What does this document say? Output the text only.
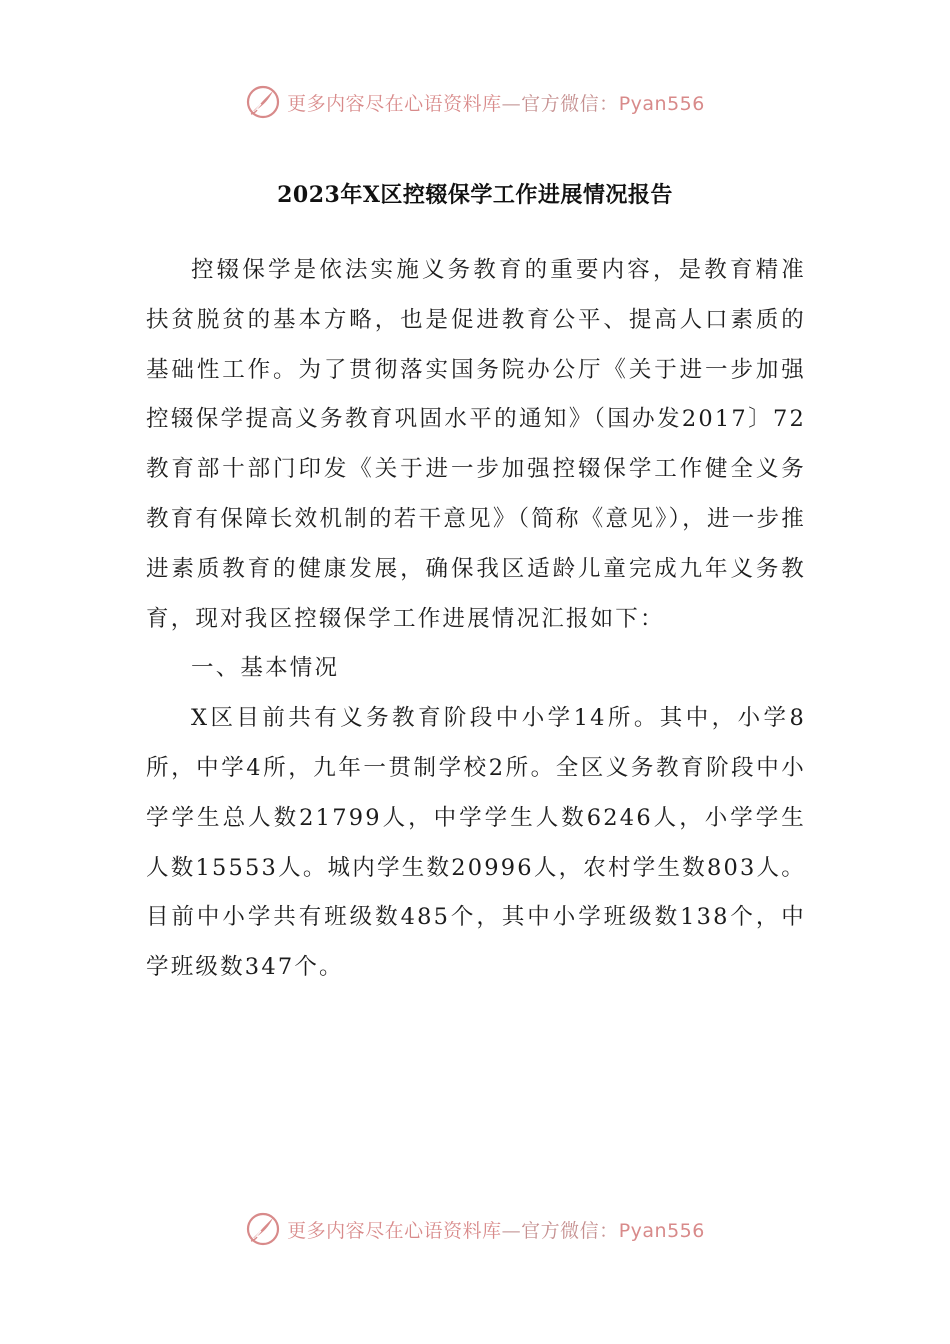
更多内容尽在心语资料库—官方微信：Pyan556
2023年X区控辍保学工作进展情况报告

控辍保学是依法实施义务教育的重要内容，是教育精准扶贫脱贫的基本方略，也是促进教育公平、提高人口素质的基础性工作。为了贯彻落实国务院办公厅《关于进一步加强控辍保学提高义务教育巩固水平的通知》（国办发2017〕72教育部十部门印发《关于进一步加强控辍保学工作健全义务教育有保障长效机制的若干意见》（简称《意见》），进一步推进素质教育的健康发展，确保我区适龄儿童完成九年义务教育，现对我区控辍保学工作进展情况汇报如下：

一、基本情况

X区目前共有义务教育阶段中小学14所。其中，小学8所，中学4所，九年一贯制学校2所。全区义务教育阶段中小学学生总人数21799人，中学学生人数6246人，小学学生人数15553人。城内学生数20996人，农村学生数803人。目前中小学共有班级数485个，其中小学班级数138个，中学班级数347个。

更多内容尽在心语资料库—官方微信：Pyan556
